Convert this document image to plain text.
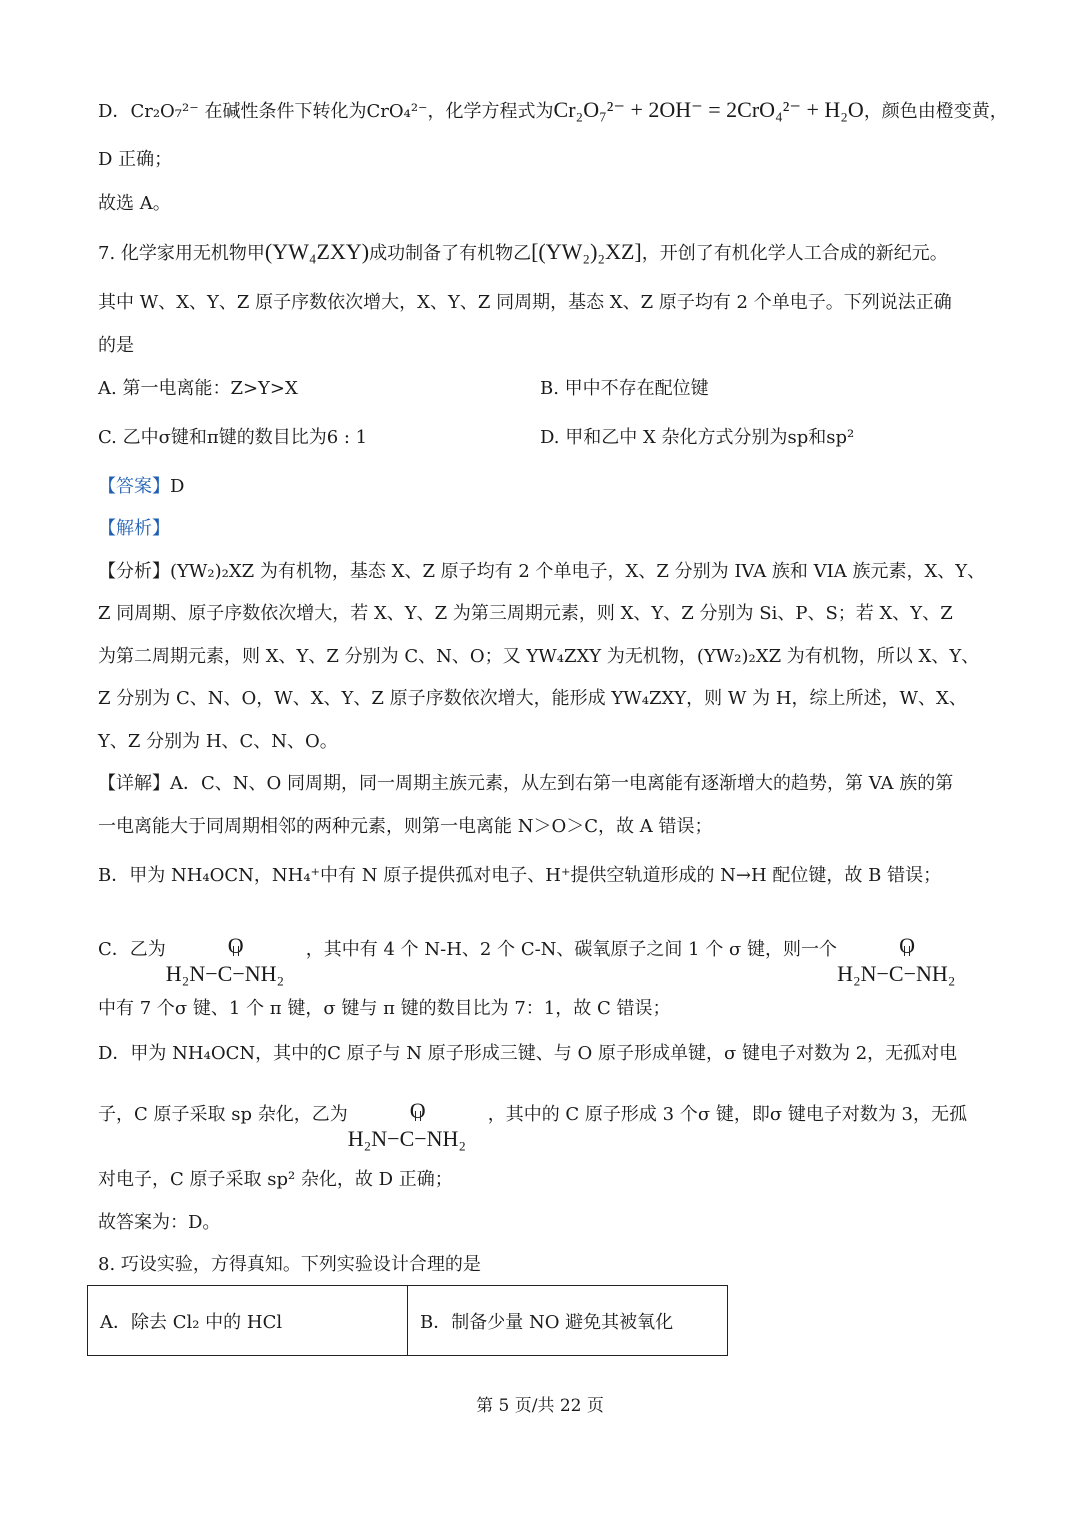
D．Cr₂O₇²⁻ 在碱性条件下转化为CrO₄²⁻，化学方程式为Cr₂O₇²⁻ + 2OH⁻ = 2CrO₄²⁻ + H₂O，颜色由橙变黄，
D 正确；
故选 A。
7. 化学家用无机物甲(YW₄ZXY)成功制备了有机物乙[(YW₂)₂XZ]，开创了有机化学人工合成的新纪元。
其中 W、X、Y、Z 原子序数依次增大，X、Y、Z 同周期，基态 X、Z 原子均有 2 个单电子。下列说法正确
的是
A. 第一电离能：Z>Y>X	B. 甲中不存在配位键
C. 乙中σ键和π键的数目比为6 : 1	D. 甲和乙中 X 杂化方式分别为sp和sp²
【答案】D
【解析】
【分析】(YW₂)₂XZ 为有机物，基态 X、Z 原子均有 2 个单电子，X、Z 分别为 IVA 族和 VIA 族元素，X、Y、
Z 同周期、原子序数依次增大，若 X、Y、Z 为第三周期元素，则 X、Y、Z 分别为 Si、P、S；若 X、Y、Z
为第二周期元素，则 X、Y、Z 分别为 C、N、O；又 YW₄ZXY 为无机物，(YW₂)₂XZ 为有机物，所以 X、Y、
Z 分别为 C、N、O，W、X、Y、Z 原子序数依次增大，能形成 YW₄ZXY，则 W 为 H，综上所述，W、X、
Y、Z 分别为 H、C、N、O。
【详解】A．C、N、O 同周期，同一周期主族元素，从左到右第一电离能有逐渐增大的趋势，第 VA 族的第
一电离能大于同周期相邻的两种元素，则第一电离能 N＞O＞C，故 A 错误；
B．甲为 NH₄OCN，NH₄⁺中有 N 原子提供孤对电子、H⁺提供空轨道形成的 N→H 配位键，故 B 错误；
C．乙为	O
H₂N−C−NH₂
，其中有 4 个 N-H、2 个 C-N、碳氧原子之间 1 个 σ 键，则一个	O
H₂N−C−NH₂
中有 7 个σ 键、1 个 π 键，σ 键与 π 键的数目比为 7：1，故 C 错误；
D．甲为 NH₄OCN，其中的C 原子与 N 原子形成三键、与 O 原子形成单键，σ 键电子对数为 2，无孤对电
子，C 原子采取 sp 杂化，乙为	O
H₂N−C−NH₂
，其中的 C 原子形成 3 个σ 键，即σ 键电子对数为 3，无孤
对电子，C 原子采取 sp² 杂化，故 D 正确；
故答案为：D。
8. 巧设实验，方得真知。下列实验设计合理的是
A．除去 Cl₂ 中的 HCl	B．制备少量 NO 避免其被氧化
第 5 页/共 22 页
